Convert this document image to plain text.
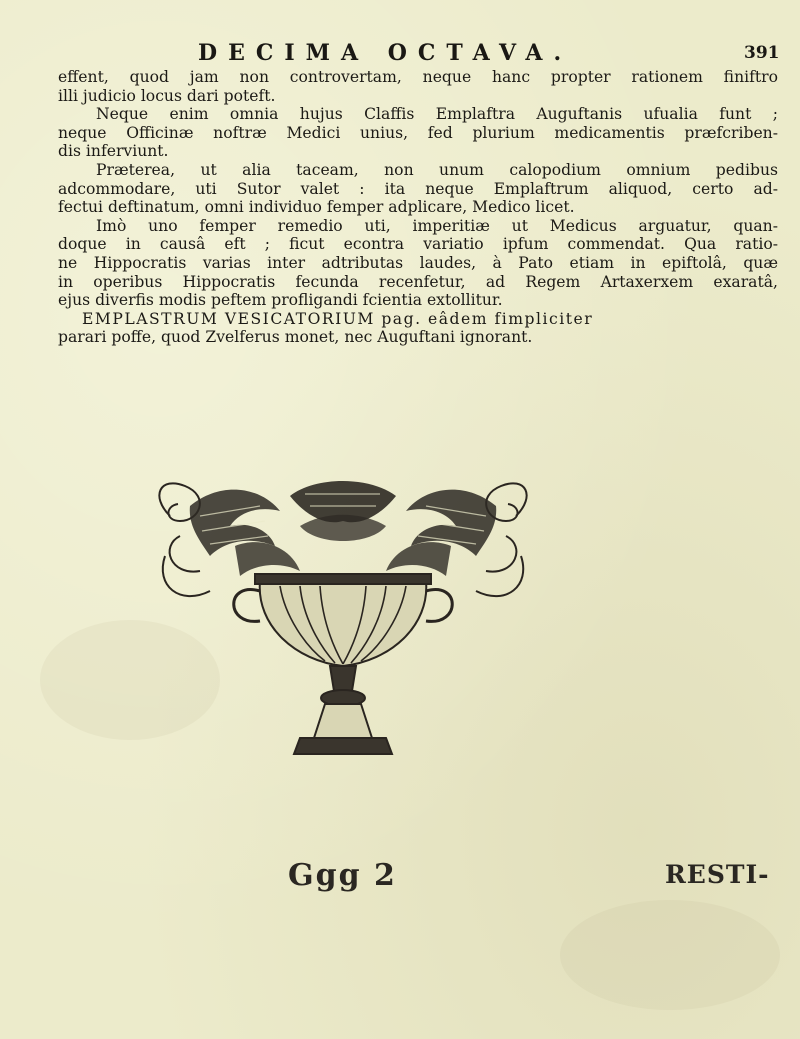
DECIMA OCTAVA.	391
effent, quod jam non controvertam, neque hanc propter rationem finiftro
illi judicio locus dari poteft.
Neque enim omnia hujus Claffis Emplaftra Auguftanis ufualia funt ;
neque Officinæ noftræ Medici unius, fed plurium medicamentis præfcriben-
dis inferviunt.
Præterea, ut alia taceam, non unum calopodium omnium pedibus
adcommodare, uti Sutor valet : ita neque Emplaftrum aliquod, certo ad-
fectui deftinatum, omni individuo femper adplicare, Medico licet.
Imò uno femper remedio uti, imperitiæ ut Medicus arguatur, quan-
doque in causâ eft ; ficut econtra variatio ipfum commendat. Qua ratio-
ne Hippocratis varias inter adtributas laudes, à Pato etiam in epiftolâ, quæ
in operibus Hippocratis fecunda recenfetur, ad Regem Artaxerxem exaratâ,
ejus diverfis modis peftem profligandi fcientia extollitur.
EMPLASTRUM VESICATORIUM pag. eâdem fimpliciter
parari poffe, quod Zvelferus monet, nec Auguftani ignorant.
Ggg 2	RESTI-
